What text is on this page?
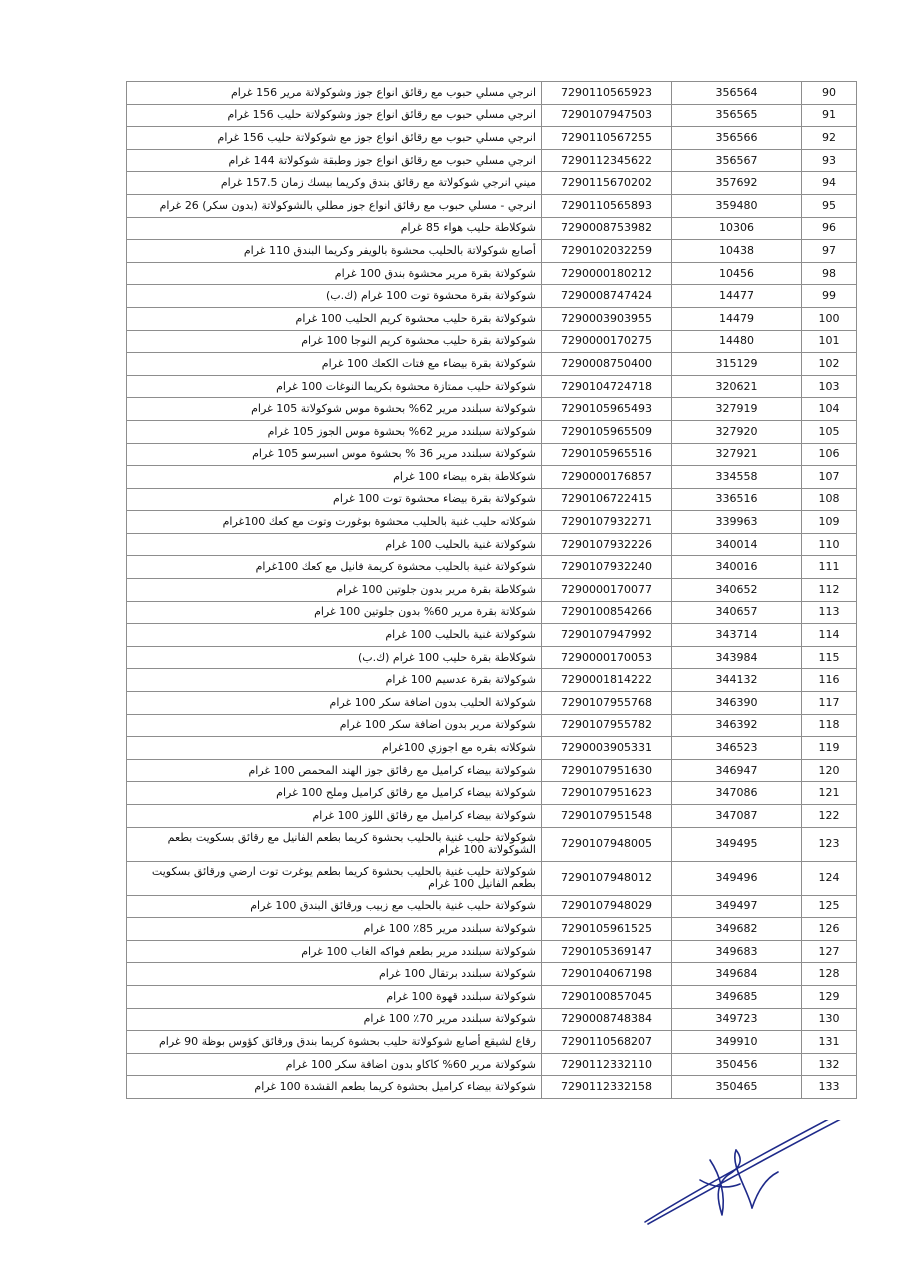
انرجي مسلي حبوب مع رقائق انواع جوز وشوكولاتة مرير 156 غرام	7290110565923	356564	90
انرجي مسلي حبوب مع رقائق انواع جوز وشوكولاتة حليب 156 غرام	7290107947503	356565	91
انرجي مسلي حبوب مع رقائق انواع جوز مع شوكولاتة حليب 156 غرام	7290110567255	356566	92
انرجي مسلي حبوب مع رقائق انواع جوز وطبقة شوكولاتة 144 غرام	7290112345622	356567	93
ميني انرجي شوكولاتة مع رقائق بندق وكريما بيسك زمان 157.5 غرام	7290115670202	357692	94
انرجي - مسلي حبوب مع رقائق انواع جوز مطلي بالشوكولاتة (بدون سكر) 26 غرام	7290110565893	359480	95
شوكلاطة حليب هواء 85 غرام	7290008753982	10306	96
أصابع شوكولاتة بالحليب محشوة بالويفر وكريما البندق 110 غرام	7290102032259	10438	97
شوكولاتة بقرة مرير محشوة بندق 100 غرام	7290000180212	10456	98
شوكولاتة بقرة محشوة توت 100 غرام (ك.ب)	7290008747424	14477	99
شوكولاتة بقرة حليب محشوة كريم الحليب 100 غرام	7290003903955	14479	100
شوكولاتة بقرة حليب محشوة كريم النوجا 100 غرام	7290000170275	14480	101
شوكولاتة بقرة بيضاء مع فتات الكعك 100 غرام	7290008750400	315129	102
شوكولاتة حليب ممتازة محشوة بكريما النوغات 100 غرام	7290104724718	320621	103
شوكولاتة سبلندد مرير 62% بحشوة موس شوكولاتة 105 غرام	7290105965493	327919	104
شوكولاتة سبلندد مرير 62% بحشوة موس الجوز 105 غرام	7290105965509	327920	105
شوكولاتة سبلندد مرير 36 % بحشوة موس اسبرسو 105 غرام	7290105965516	327921	106
شوكلاطة بقره بيضاء 100 غرام	7290000176857	334558	107
شوكولاتة بقرة بيضاء محشوة توت 100 غرام	7290106722415	336516	108
شوكلاته حليب غنية بالحليب محشوة بوغورت وتوت مع كعك 100غرام	7290107932271	339963	109
شوكولاتة غنية بالحليب 100 غرام	7290107932226	340014	110
شوكولاتة غنية بالحليب محشوة كريمة فانيل مع كعك 100غرام	7290107932240	340016	111
شوكلاطة بقرة مرير بدون جلوتين 100 غرام	7290000170077	340652	112
شوكلاتة بقرة مرير 60% بدون جلوتين 100 غرام	7290100854266	340657	113
شوكولاتة غنية بالحليب 100 غرام	7290107947992	343714	114
شوكلاطة بقرة حليب 100 غرام (ك.ب)	7290000170053	343984	115
شوكولاتة بقرة عدسيم 100 غرام	7290001814222	344132	116
شوكولاتة الحليب بدون اضافة سكر 100 غرام	7290107955768	346390	117
شوكولاتة مرير بدون اضافة سكر 100 غرام	7290107955782	346392	118
شوكلاته بقره مع اجوزي 100غرام	7290003905331	346523	119
شوكولاتة بيضاء كراميل مع رقائق جوز الهند المحمص 100 غرام	7290107951630	346947	120
شوكولاتة بيضاء كراميل مع رقائق كراميل وملح 100 غرام	7290107951623	347086	121
شوكولاتة بيضاء كراميل مع رقائق اللوز 100 غرام	7290107951548	347087	122
شوكولاتة حليب غنية بالحليب بحشوة كريما بطعم الفانيل مع رقائق بسكويت بطعم الشوكولاتة 100 غرام	7290107948005	349495	123
شوكولاتة حليب غنية بالحليب بحشوة كريما بطعم يوغرت توت ارضي ورقائق بسكويت بطعم الفانيل 100 غرام	7290107948012	349496	124
شوكولاتة حليب غنية بالحليب مع زبيب ورقائق البندق 100 غرام	7290107948029	349497	125
شوكولاتة سبلندد مرير 85٪ 100 غرام	7290105961525	349682	126
شوكولاتة سبلندد مرير بطعم فواكه الغاب 100 غرام	7290105369147	349683	127
شوكولاتة سبلندد برتقال 100 غرام	7290104067198	349684	128
شوكولاتة سبلندد قهوة 100 غرام	7290100857045	349685	129
شوكولاتة سبلندد مرير 70٪ 100 غرام	7290008748384	349723	130
رقاع لشيقع أصابع شوكولاتة حليب بحشوة كريما بندق ورقائق كؤوس بوظة 90 غرام	7290110568207	349910	131
شوكولاتة مرير 60% كاكاو بدون اضافة سكر 100 غرام	7290112332110	350456	132
شوكولاتة بيضاء كراميل بحشوة كريما بطعم القشدة 100 غرام	7290112332158	350465	133
